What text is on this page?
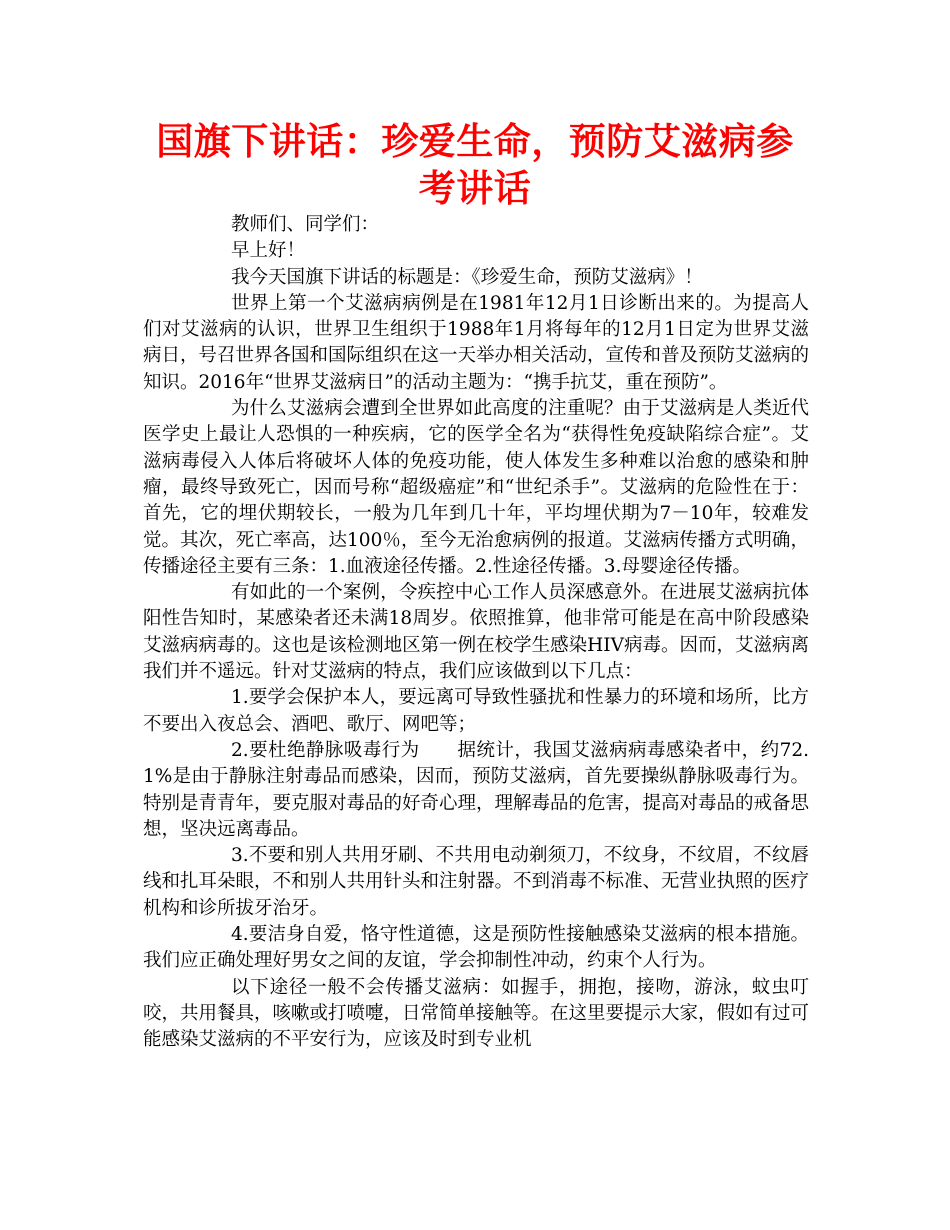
国旗下讲话：珍爱生命，预防艾滋病参考讲话

教师们、同学们：

早上好！

我今天国旗下讲话的标题是：《珍爱生命，预防艾滋病》！

世界上第一个艾滋病病例是在1981年12月1日诊断出来的。为提高人们对艾滋病的认识，世界卫生组织于1988年1月将每年的12月1日定为世界艾滋病日，号召世界各国和国际组织在这一天举办相关活动，宣传和普及预防艾滋病的知识。2016年“世界艾滋病日”的活动主题为：“携手抗艾，重在预防”。

为什么艾滋病会遭到全世界如此高度的注重呢？由于艾滋病是人类近代医学史上最让人恐惧的一种疾病，它的医学全名为“获得性免疫缺陷综合症”。艾滋病毒侵入人体后将破坏人体的免疫功能，使人体发生多种难以治愈的感染和肿瘤，最终导致死亡，因而号称“超级癌症”和“世纪杀手”。艾滋病的危险性在于：首先，它的埋伏期较长，一般为几年到几十年，平均埋伏期为7－10年，较难发觉。其次，死亡率高，达100％，至今无治愈病例的报道。艾滋病传播方式明确，传播途径主要有三条：1.血液途径传播。2.性途径传播。3.母婴途径传播。

有如此的一个案例，令疾控中心工作人员深感意外。在进展艾滋病抗体阳性告知时，某感染者还未满18周岁。依照推算，他非常可能是在高中阶段感染艾滋病病毒的。这也是该检测地区第一例在校学生感染HIV病毒。因而，艾滋病离我们并不遥远。针对艾滋病的特点，我们应该做到以下几点：

1.要学会保护本人，要远离可导致性骚扰和性暴力的环境和场所，比方不要出入夜总会、酒吧、歌厅、网吧等；

2.要杜绝静脉吸毒行为　　据统计，我国艾滋病病毒感染者中，约72.1%是由于静脉注射毒品而感染，因而，预防艾滋病，首先要操纵静脉吸毒行为。特别是青青年，要克服对毒品的好奇心理，理解毒品的危害，提高对毒品的戒备思想，坚决远离毒品。

3.不要和别人共用牙刷、不共用电动剃须刀，不纹身，不纹眉，不纹唇线和扎耳朵眼，不和别人共用针头和注射器。不到消毒不标准、无营业执照的医疗机构和诊所拔牙治牙。

4.要洁身自爱，恪守性道德，这是预防性接触感染艾滋病的根本措施。我们应正确处理好男女之间的友谊，学会抑制性冲动，约束个人行为。

以下途径一般不会传播艾滋病：如握手，拥抱，接吻，游泳，蚊虫叮咬，共用餐具，咳嗽或打喷嚏，日常简单接触等。在这里要提示大家，假如有过可能感染艾滋病的不平安行为，应该及时到专业机
